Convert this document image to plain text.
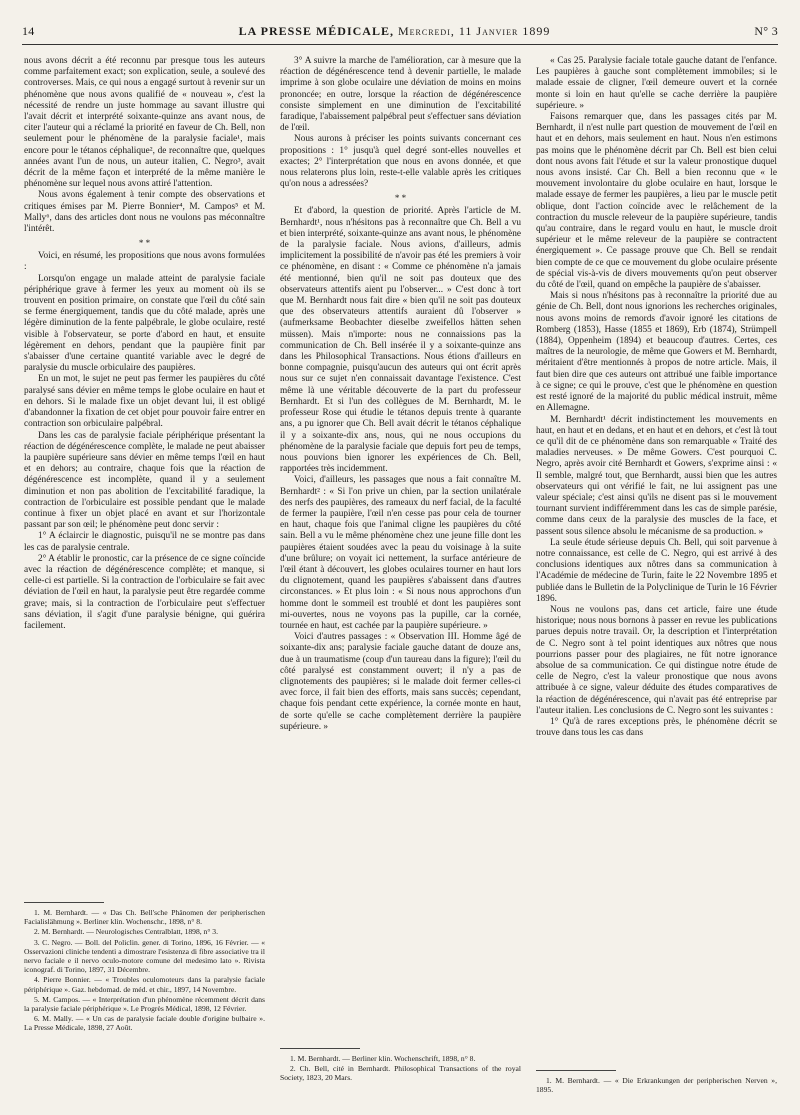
14	LA PRESSE MÉDICALE, Mercredi, 11 Janvier 1899	N° 3

nous avons décrit a été reconnu par presque tous les auteurs comme parfaitement exact; son explication, seule, a soulevé des controverses. Mais, ce qui nous a engagé surtout à revenir sur un phénomène que nous avons qualifié de « nouveau », c'est la nécessité de rendre un juste hommage au savant illustre qui l'avait décrit et interprété soixante-quinze ans avant nous, de citer l'auteur qui a réclamé la priorité en faveur de Ch. Bell, non seulement pour le phénomène de la paralysie faciale¹, mais encore pour le tétanos céphalique², de reconnaître que, quelques années avant l'un de nous, un auteur italien, C. Negro³, avait décrit de la même façon et interprété de la même manière le phénomène sur lequel nous avons attiré l'attention.

Nous avons également à tenir compte des observations et critiques émises par M. Pierre Bonnier⁴, M. Campos⁵ et M. Mally⁶, dans des articles dont nous ne voulons pas méconnaître l'intérêt.

* *

Voici, en résumé, les propositions que nous avons formulées :

Lorsqu'on engage un malade atteint de paralysie faciale périphérique grave à fermer les yeux au moment où ils se trouvent en position primaire, on constate que l'œil du côté sain se ferme énergiquement, tandis que du côté malade, après une légère diminution de la fente palpébrale, le globe oculaire, resté visible à l'observateur, se porte d'abord en haut, et ensuite légèrement en dehors, pendant que la paupière finit par s'abaisser d'une certaine quantité variable avec le degré de paralysie du muscle orbiculaire des paupières.

En un mot, le sujet ne peut pas fermer les paupières du côté paralysé sans dévier en même temps le globe oculaire en haut et en dehors. Si le malade fixe un objet devant lui, il est obligé d'abandonner la fixation de cet objet pour pouvoir faire entrer en contraction son orbiculaire palpébral.

Dans les cas de paralysie faciale périphérique présentant la réaction de dégénérescence complète, le malade ne peut abaisser la paupière supérieure sans dévier en même temps l'œil en haut et en dehors; au contraire, chaque fois que la réaction de dégénérescence est incomplète, quand il y a seulement diminution et non pas abolition de l'excitabilité faradique, la contraction de l'orbiculaire est possible pendant que le malade continue à fixer un objet placé en avant et sur l'horizontale passant par son œil; le phénomène peut donc servir :

1° A éclaircir le diagnostic, puisqu'il ne se montre pas dans les cas de paralysie centrale.

2° A établir le pronostic, car la présence de ce signe coïncide avec la réaction de dégénérescence complète; et manque, si celle-ci est partielle. Si la contraction de l'orbiculaire se fait avec déviation de l'œil en haut, la paralysie peut être regardée comme grave; mais, si la contraction de l'orbiculaire peut s'effectuer sans déviation, il s'agit d'une paralysie bénigne, qui guérira facilement.

1. M. Bernhardt. — « Das Ch. Bell'sche Phänomen der peripherischen Facialislähmung ». Berliner klin. Wochenschr., 1898, n° 8.

2. M. Bernhardt. — Neurologisches Centralblatt, 1898, n° 3.

3. C. Negro. — Boll. del Policlin. gener. di Torino, 1896, 16 Février. — « Osservazioni cliniche tendenti a dimostrare l'esistenza di fibre associative tra il nervo faciale e il nervo oculo-motore comune del medesimo lato ». Rivista iconograf. di Torino, 1897, 31 Décembre.

4. Pierre Bonnier. — « Troubles oculomoteurs dans la paralysie faciale périphérique ». Gaz. hebdomad. de méd. et chir., 1897, 14 Novembre.

5. M. Campos. — « Interprétation d'un phénomène récemment décrit dans la paralysie faciale périphérique ». Le Progrès Médical, 1898, 12 Février.

6. M. Mally. — « Un cas de paralysie faciale double d'origine bulbaire ». La Presse Médicale, 1898, 27 Août.

3° A suivre la marche de l'amélioration, car à mesure que la réaction de dégénérescence tend à devenir partielle, le malade imprime à son globe oculaire une déviation de moins en moins prononcée; en outre, lorsque la réaction de dégénérescence consiste simplement en une diminution de l'excitabilité faradique, l'abaissement palpébral peut s'effectuer sans déviation de l'œil.

Nous aurons à préciser les points suivants concernant ces propositions : 1° jusqu'à quel degré sont-elles nouvelles et exactes; 2° l'interprétation que nous en avons donnée, et que nous relaterons plus loin, reste-t-elle valable après les critiques qu'on nous a adressées?

* *

Et d'abord, la question de priorité. Après l'article de M. Bernhardt¹, nous n'hésitons pas à reconnaître que Ch. Bell a vu et bien interprété, soixante-quinze ans avant nous, le phénomène de la paralysie faciale. Nous avions, d'ailleurs, admis implicitement la possibilité de n'avoir pas été les premiers à voir ce phénomène, en disant : « Comme ce phénomène n'a jamais été mentionné, bien qu'il ne soit pas douteux que des observateurs attentifs aient pu l'observer... » C'est donc à tort que M. Bernhardt nous fait dire « bien qu'il ne soit pas douteux que des observateurs attentifs auraient dû l'observer » (aufmerksame Beobachter dieselbe zweifellos hätten sehen müssen). Mais n'importe: nous ne connaissions pas la communication de Ch. Bell insérée il y a soixante-quinze ans dans les Philosophical Transactions. Nous étions d'ailleurs en bonne compagnie, puisqu'aucun des auteurs qui ont écrit après nous sur ce sujet n'en connaissait davantage l'existence. C'est même là une véritable découverte de la part du professeur Bernhardt. Et si l'un des collègues de M. Bernhardt, M. le professeur Rose qui étudie le tétanos depuis trente à quarante ans, a pu ignorer que Ch. Bell avait décrit le tétanos céphalique il y a soixante-dix ans, nous, qui ne nous occupions du phénomène de la paralysie faciale que depuis fort peu de temps, nous pouvions bien ignorer les expériences de Ch. Bell, rapportées très incidemment.

Voici, d'ailleurs, les passages que nous a fait connaître M. Bernhardt² : « Si l'on prive un chien, par la section unilatérale des nerfs des paupières, des rameaux du nerf facial, de la faculté de fermer la paupière, l'œil n'en cesse pas pour cela de tourner en haut, chaque fois que l'animal cligne les paupières du côté sain. Bell a vu le même phénomène chez une jeune fille dont les paupières étaient soudées avec la peau du voisinage à la suite d'une brûlure; on voyait ici nettement, la surface antérieure de l'œil étant à découvert, les globes oculaires tourner en haut lors du clignotement, quand les paupières s'abaissent dans d'autres circonstances. » Et plus loin : « Si nous nous approchons d'un homme dont le sommeil est troublé et dont les paupières sont mi-ouvertes, nous ne voyons pas la pupille, car la cornée, tournée en haut, est cachée par la paupière supérieure. »

Voici d'autres passages : « Observation III. Homme âgé de soixante-dix ans; paralysie faciale gauche datant de douze ans, due à un traumatisme (coup d'un taureau dans la figure); l'œil du côté paralysé est constamment ouvert; il n'y a pas de clignotements des paupières; si le malade doit fermer celles-ci avec force, il fait bien des efforts, mais sans succès; cependant, chaque fois pendant cette expérience, la cornée monte en haut, de sorte qu'elle se cache complètement derrière la paupière supérieure. »

1. M. Bernhardt. — Berliner klin. Wochenschrift, 1898, n° 8.

2. Ch. Bell, cité in Bernhardt. Philosophical Transactions of the royal Society, 1823, 20 Mars.

« Cas 25. Paralysie faciale totale gauche datant de l'enfance. Les paupières à gauche sont complètement immobiles; si le malade essaie de cligner, l'œil demeure ouvert et la cornée monte si loin en haut qu'elle se cache derrière la paupière supérieure. »

Faisons remarquer que, dans les passages cités par M. Bernhardt, il n'est nulle part question de mouvement de l'œil en haut et en dehors, mais seulement en haut. Nous n'en estimons pas moins que le phénomène décrit par Ch. Bell est bien celui dont nous avons fait l'étude et sur la valeur pronostique duquel nous avons insisté. Car Ch. Bell a bien reconnu que « le mouvement involontaire du globe oculaire en haut, lorsque le malade essaye de fermer les paupières, a lieu par le muscle petit oblique, dont l'action coïncide avec le relâchement de la contraction du muscle releveur de la paupière supérieure, tandis qu'au contraire, dans le regard voulu en haut, le muscle droit supérieur et le même releveur de la paupière se contractent énergiquement ». Ce passage prouve que Ch. Bell se rendait bien compte de ce que ce mouvement du globe oculaire présente de spécial vis-à-vis de divers mouvements qu'on peut observer du côté de l'œil, quand on empêche la paupière de s'abaisser.

Mais si nous n'hésitons pas à reconnaître la priorité due au génie de Ch. Bell, dont nous ignorions les recherches originales, nous avons moins de remords d'avoir ignoré les citations de Romberg (1853), Hasse (1855 et 1869), Erb (1874), Strümpell (1884), Oppenheim (1894) et beaucoup d'autres. Certes, ces maîtres de la neurologie, de même que Gowers et M. Bernhardt, méritaient d'être mentionnés à propos de notre article. Mais, il faut bien dire que ces auteurs ont attribué une faible importance à ce signe; ce qui le prouve, c'est que le phénomène en question est resté ignoré de la majorité du public médical instruit, même en Allemagne.

M. Bernhardt¹ décrit indistinctement les mouvements en haut, en haut et en dedans, et en haut et en dehors, et c'est là tout ce qu'il dit de ce phénomène dans son remarquable « Traité des maladies nerveuses. » De même Gowers. C'est pourquoi C. Negro, après avoir cité Bernhardt et Gowers, s'exprime ainsi : « Il semble, malgré tout, que Bernhardt, aussi bien que les autres observateurs qui ont vérifié le fait, ne lui assignent pas une valeur spéciale; c'est ainsi qu'ils ne disent pas si le mouvement tournant survient indifféremment dans les cas de simple parésie, comme dans ceux de la paralysie des muscles de la face, et passent sous silence absolu le mécanisme de sa production. »

La seule étude sérieuse depuis Ch. Bell, qui soit parvenue à notre connaissance, est celle de C. Negro, qui est arrivé à des conclusions identiques aux nôtres dans sa communication à l'Académie de médecine de Turin, faite le 22 Novembre 1895 et publiée dans le Bulletin de la Polyclinique de Turin le 16 Février 1896.

Nous ne voulons pas, dans cet article, faire une étude historique; nous nous bornons à passer en revue les publications parues depuis notre travail. Or, la description et l'interprétation de C. Negro sont à tel point identiques aux nôtres que nous pourrions passer pour des plagiaires, ne fût notre ignorance absolue de sa communication. Ce qui distingue notre étude de celle de Negro, c'est la valeur pronostique que nous avons attribuée à ce signe, valeur déduite des études comparatives de la réaction de dégénérescence, qui n'avait pas été entreprise par l'auteur italien. Les conclusions de C. Negro sont les suivantes :

1° Qu'à de rares exceptions près, le phénomène décrit se trouve dans tous les cas dans

1. M. Bernhardt. — « Die Erkrankungen der peripherischen Nerven », 1895.
